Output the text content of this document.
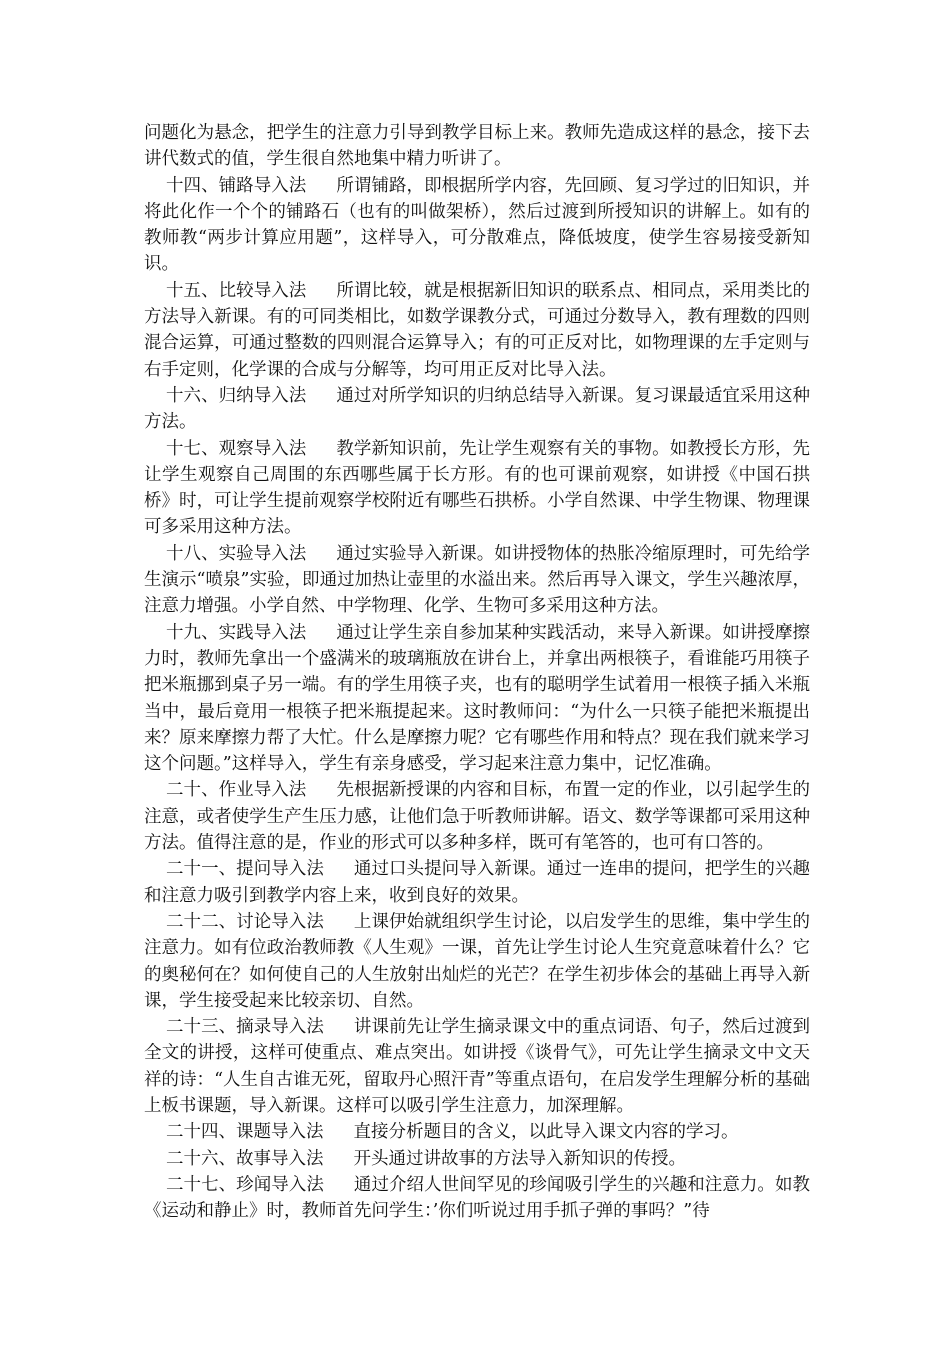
问题化为悬念，把学生的注意力引导到教学目标上来。教师先造成这样的悬念，接下去讲代数式的值，学生很自然地集中精力听讲了。

十四、铺路导入法 所谓铺路，即根据所学内容，先回顾、复习学过的旧知识，并将此化作一个个的铺路石（也有的叫做架桥），然后过渡到所授知识的讲解上。如有的教师教“两步计算应用题”，这样导入，可分散难点，降低坡度，使学生容易接受新知识。

十五、比较导入法 所谓比较，就是根据新旧知识的联系点、相同点，采用类比的方法导入新课。有的可同类相比，如数学课教分式，可通过分数导入，教有理数的四则混合运算，可通过整数的四则混合运算导入；有的可正反对比，如物理课的左手定则与右手定则，化学课的合成与分解等，均可用正反对比导入法。

十六、归纳导入法 通过对所学知识的归纳总结导入新课。复习课最适宜采用这种方法。

十七、观察导入法 教学新知识前，先让学生观察有关的事物。如教授长方形，先让学生观察自己周围的东西哪些属于长方形。有的也可课前观察，如讲授《中国石拱桥》时，可让学生提前观察学校附近有哪些石拱桥。小学自然课、中学生物课、物理课可多采用这种方法。

十八、实验导入法 通过实验导入新课。如讲授物体的热胀冷缩原理时，可先给学生演示“喷泉”实验，即通过加热让壶里的水溢出来。然后再导入课文，学生兴趣浓厚，注意力增强。小学自然、中学物理、化学、生物可多采用这种方法。

十九、实践导入法 通过让学生亲自参加某种实践活动，来导入新课。如讲授摩擦力时，教师先拿出一个盛满米的玻璃瓶放在讲台上，并拿出两根筷子，看谁能巧用筷子把米瓶挪到桌子另一端。有的学生用筷子夹，也有的聪明学生试着用一根筷子插入米瓶当中，最后竟用一根筷子把米瓶提起来。这时教师问：“为什么一只筷子能把米瓶提出来？原来摩擦力帮了大忙。什么是摩擦力呢？它有哪些作用和特点？现在我们就来学习这个问题。”这样导入，学生有亲身感受，学习起来注意力集中，记忆准确。

二十、作业导入法 先根据新授课的内容和目标，布置一定的作业，以引起学生的注意，或者使学生产生压力感，让他们急于听教师讲解。语文、数学等课都可采用这种方法。值得注意的是，作业的形式可以多种多样，既可有笔答的，也可有口答的。

二十一、提问导入法 通过口头提问导入新课。通过一连串的提问，把学生的兴趣和注意力吸引到教学内容上来，收到良好的效果。

二十二、讨论导入法 上课伊始就组织学生讨论，以启发学生的思维，集中学生的注意力。如有位政治教师教《人生观》一课，首先让学生讨论人生究竟意味着什么？它的奥秘何在？如何使自己的人生放射出灿烂的光芒？在学生初步体会的基础上再导入新课，学生接受起来比较亲切、自然。

二十三、摘录导入法 讲课前先让学生摘录课文中的重点词语、句子，然后过渡到全文的讲授，这样可使重点、难点突出。如讲授《谈骨气》，可先让学生摘录文中文天祥的诗：“人生自古谁无死，留取丹心照汗青”等重点语句，在启发学生理解分析的基础上板书课题，导入新课。这样可以吸引学生注意力，加深理解。

二十四、课题导入法 直接分析题目的含义，以此导入课文内容的学习。

二十六、故事导入法 开头通过讲故事的方法导入新知识的传授。

二十七、珍闻导入法 通过介绍人世间罕见的珍闻吸引学生的兴趣和注意力。如教《运动和静止》时，教师首先问学生：’你们听说过用手抓子弹的事吗？”待
